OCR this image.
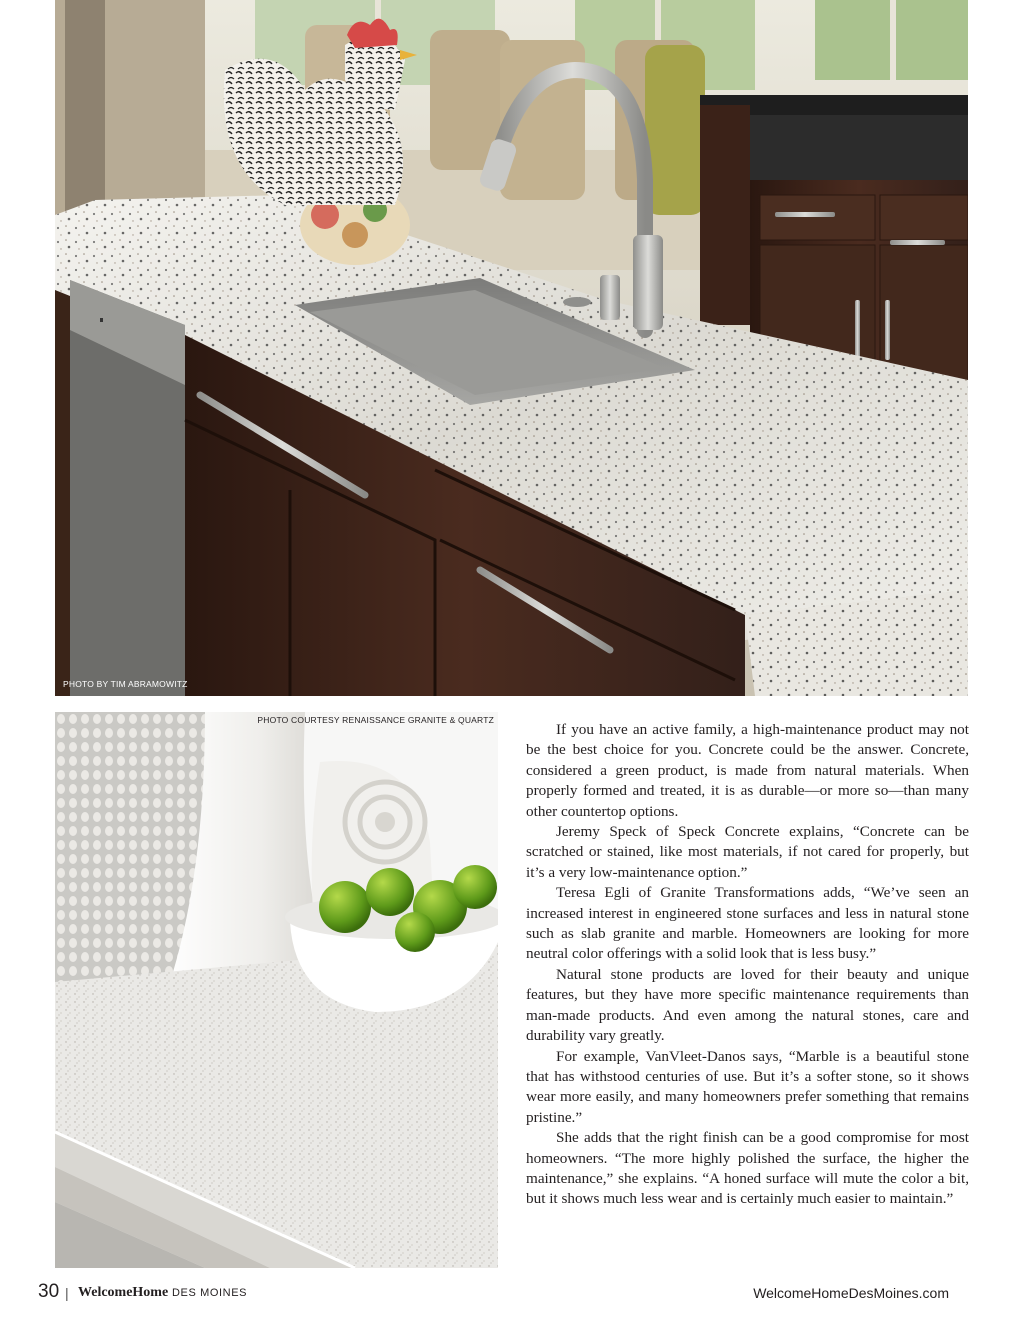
PHOTO BY TIM ABRAMOWITZ
PHOTO COURTESY RENAISSANCE GRANITE & QUARTZ

If you have an active family, a high-maintenance product may not be the best choice for you. Concrete could be the answer. Concrete, considered a green product, is made from natural materials. When properly formed and treated, it is as durable—or more so—than many other countertop options.

Jeremy Speck of Speck Concrete explains, “Concrete can be scratched or stained, like most materials, if not cared for properly, but it’s a very low-maintenance option.”

Teresa Egli of Granite Transformations adds, “We’ve seen an increased interest in engineered stone surfaces and less in natural stone such as slab granite and marble. Homeowners are looking for more neutral color offerings with a solid look that is less busy.”

Natural stone products are loved for their beauty and unique features, but they have more specific maintenance requirements than man-made products. And even among the natural stones, care and durability vary greatly.

For example, VanVleet-Danos says, “Marble is a beautiful stone that has withstood centuries of use. But it’s a softer stone, so it shows wear more easily, and many homeowners prefer something that remains pristine.”

She adds that the right finish can be a good compromise for most homeowners. “The more highly polished the surface, the higher the maintenance,” she explains. “A honed surface will mute the color a bit, but it shows much less wear and is certainly much easier to maintain.”

30 | WelcomeHome DES MOINES	WelcomeHomeDesMoines.com
